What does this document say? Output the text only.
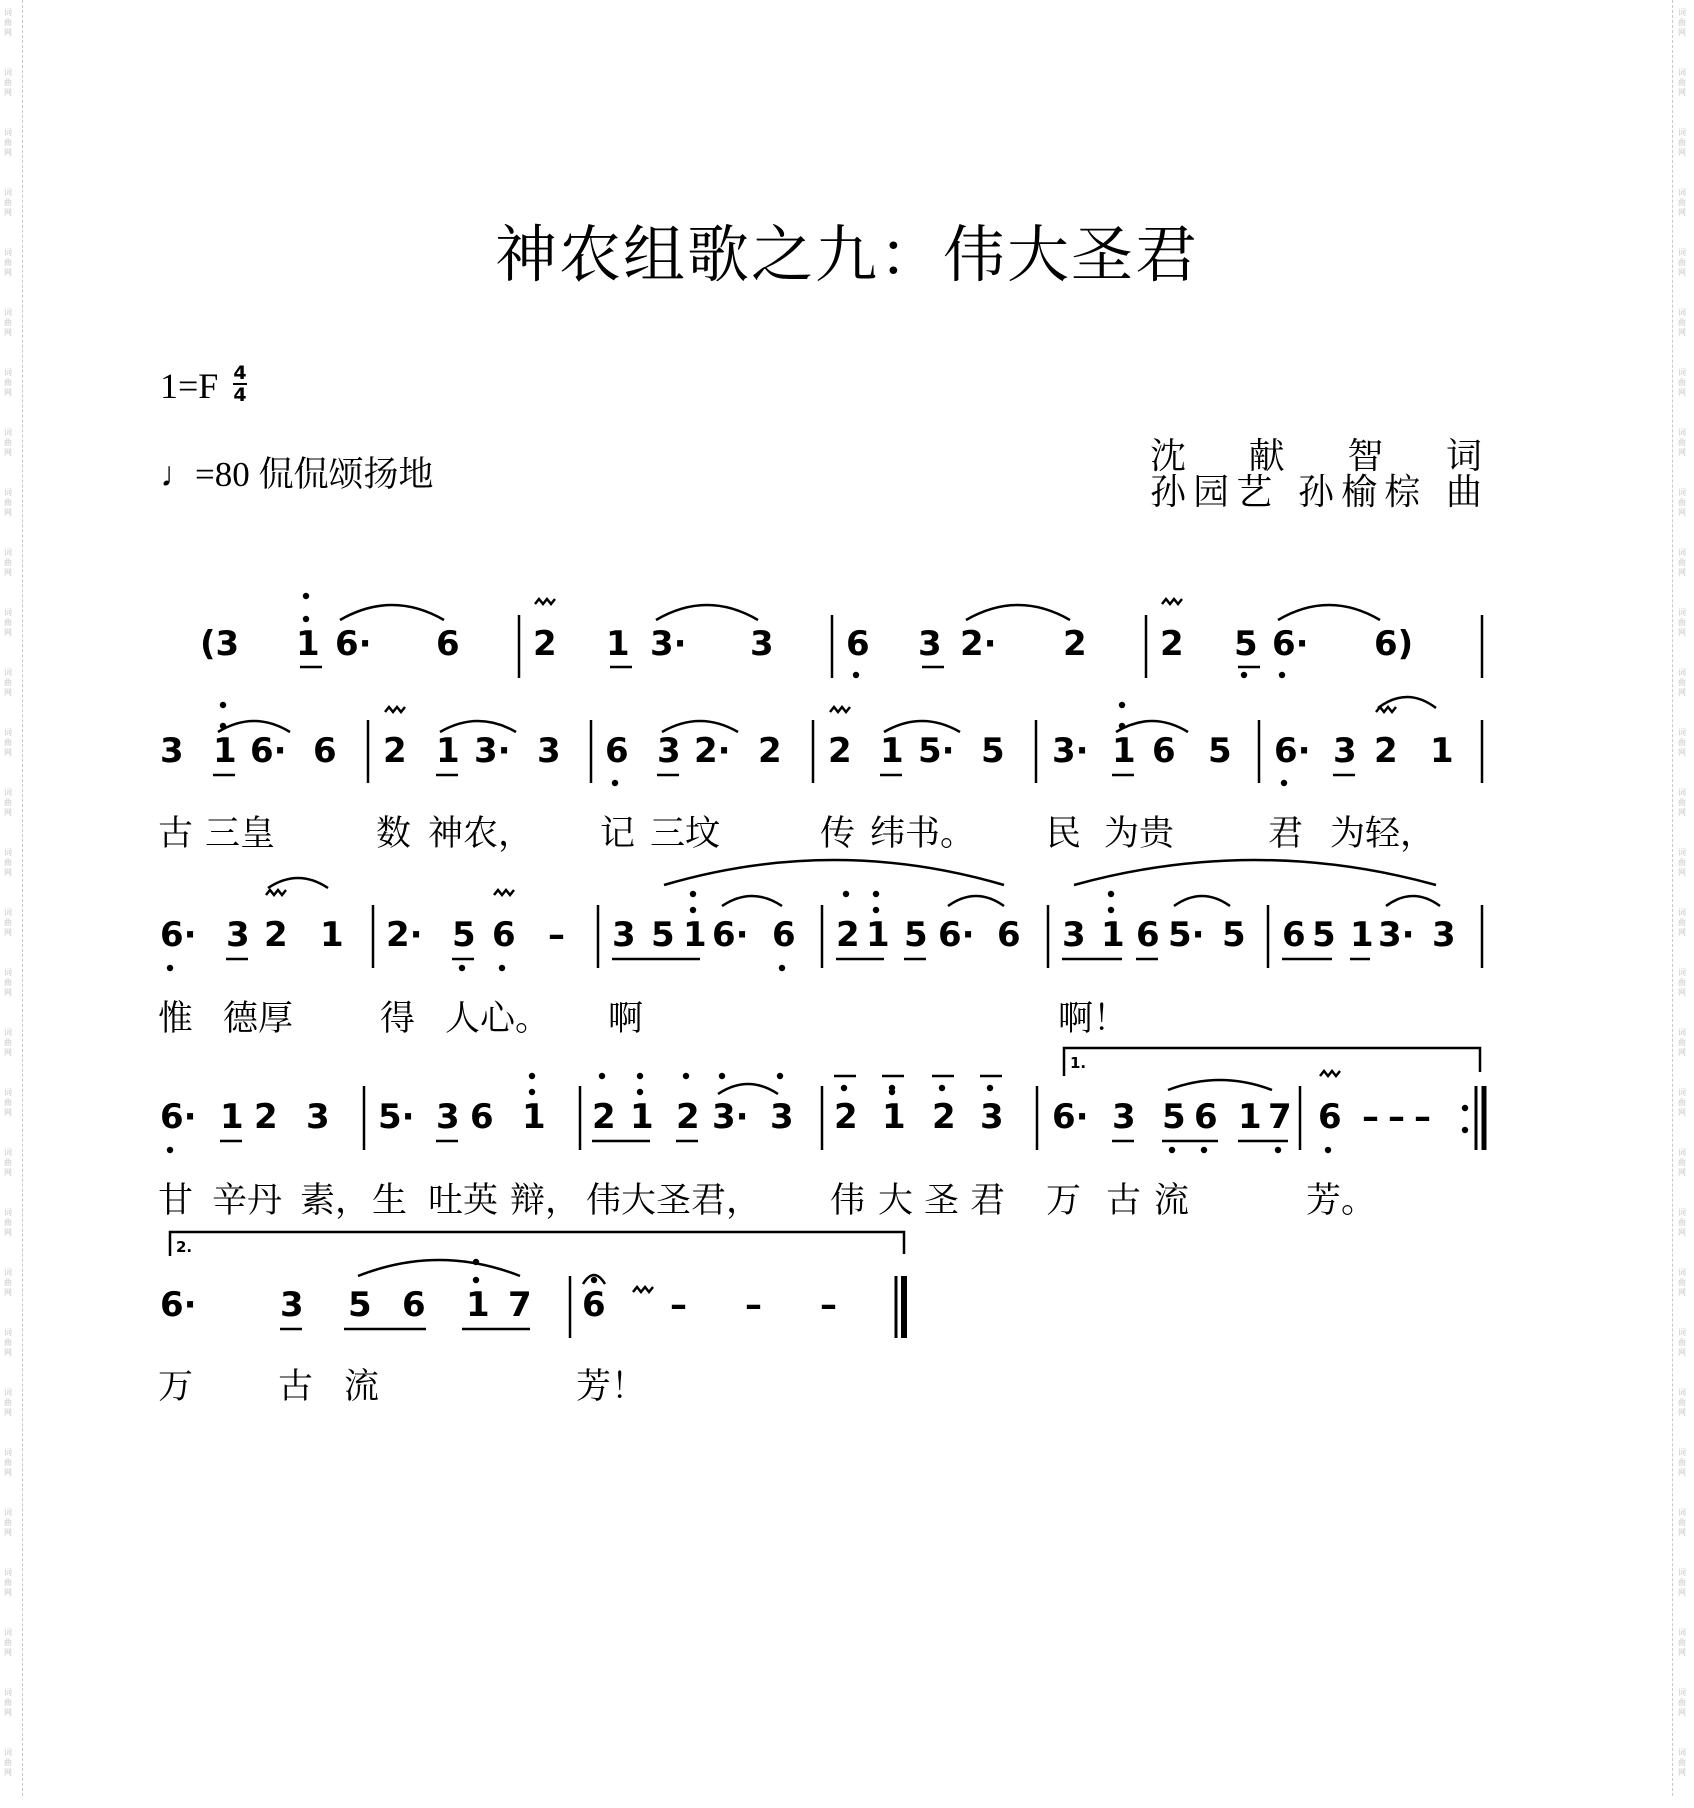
词曲网
词曲网
词曲网
词曲网
词曲网
词曲网
词曲网
词曲网
词曲网
词曲网
词曲网
词曲网
词曲网
词曲网
词曲网
词曲网
词曲网
词曲网
词曲网
词曲网
词曲网
词曲网
词曲网
词曲网
词曲网
词曲网
词曲网
词曲网
词曲网
词曲网
词曲网
词曲网
词曲网
词曲网
词曲网
词曲网
词曲网
词曲网
词曲网
词曲网
词曲网
词曲网
词曲网
词曲网
词曲网
词曲网
词曲网
词曲网
词曲网
词曲网
词曲网
词曲网
词曲网
词曲网
词曲网
词曲网
词曲网
词曲网
词曲网
词曲网
神农组歌之九：伟大圣君
1=F 4
4
♩=80 侃侃颂扬地	沈 献 智 词
孙园艺 孙榆棕 曲
(3 1 6· 6 2 1 3· 3 6 3 2· 2 2 5 6· 6)
3 1 6· 6 2 1 3· 3 6 3 2· 2 2 1 5· 5 3· 1 6 5 6· 3 2 1
古 三皇	数 神农， 记 三坟	传 纬书。 民 为贵	君 为轻，
6· 3 2 1 2· 5 6 – 3 5 1 6· 6 2 1 5 6· 6 3 1 6 5· 5 6 5 1 3· 3
惟 德厚 得 人心。 啊	啊！
6· 1 2 3 5· 3 6 1 2 1 2 3· 3 2 1 2 3 6· 3 5 6 1 7 6 – – –
1.
甘 辛丹 素， 生 吐英 辩， 伟大 圣君， 伟 大 圣 君 万 古 流	芳。
6· 3 5 6 1 7 6 – – –
2.
万 古 流	芳！
